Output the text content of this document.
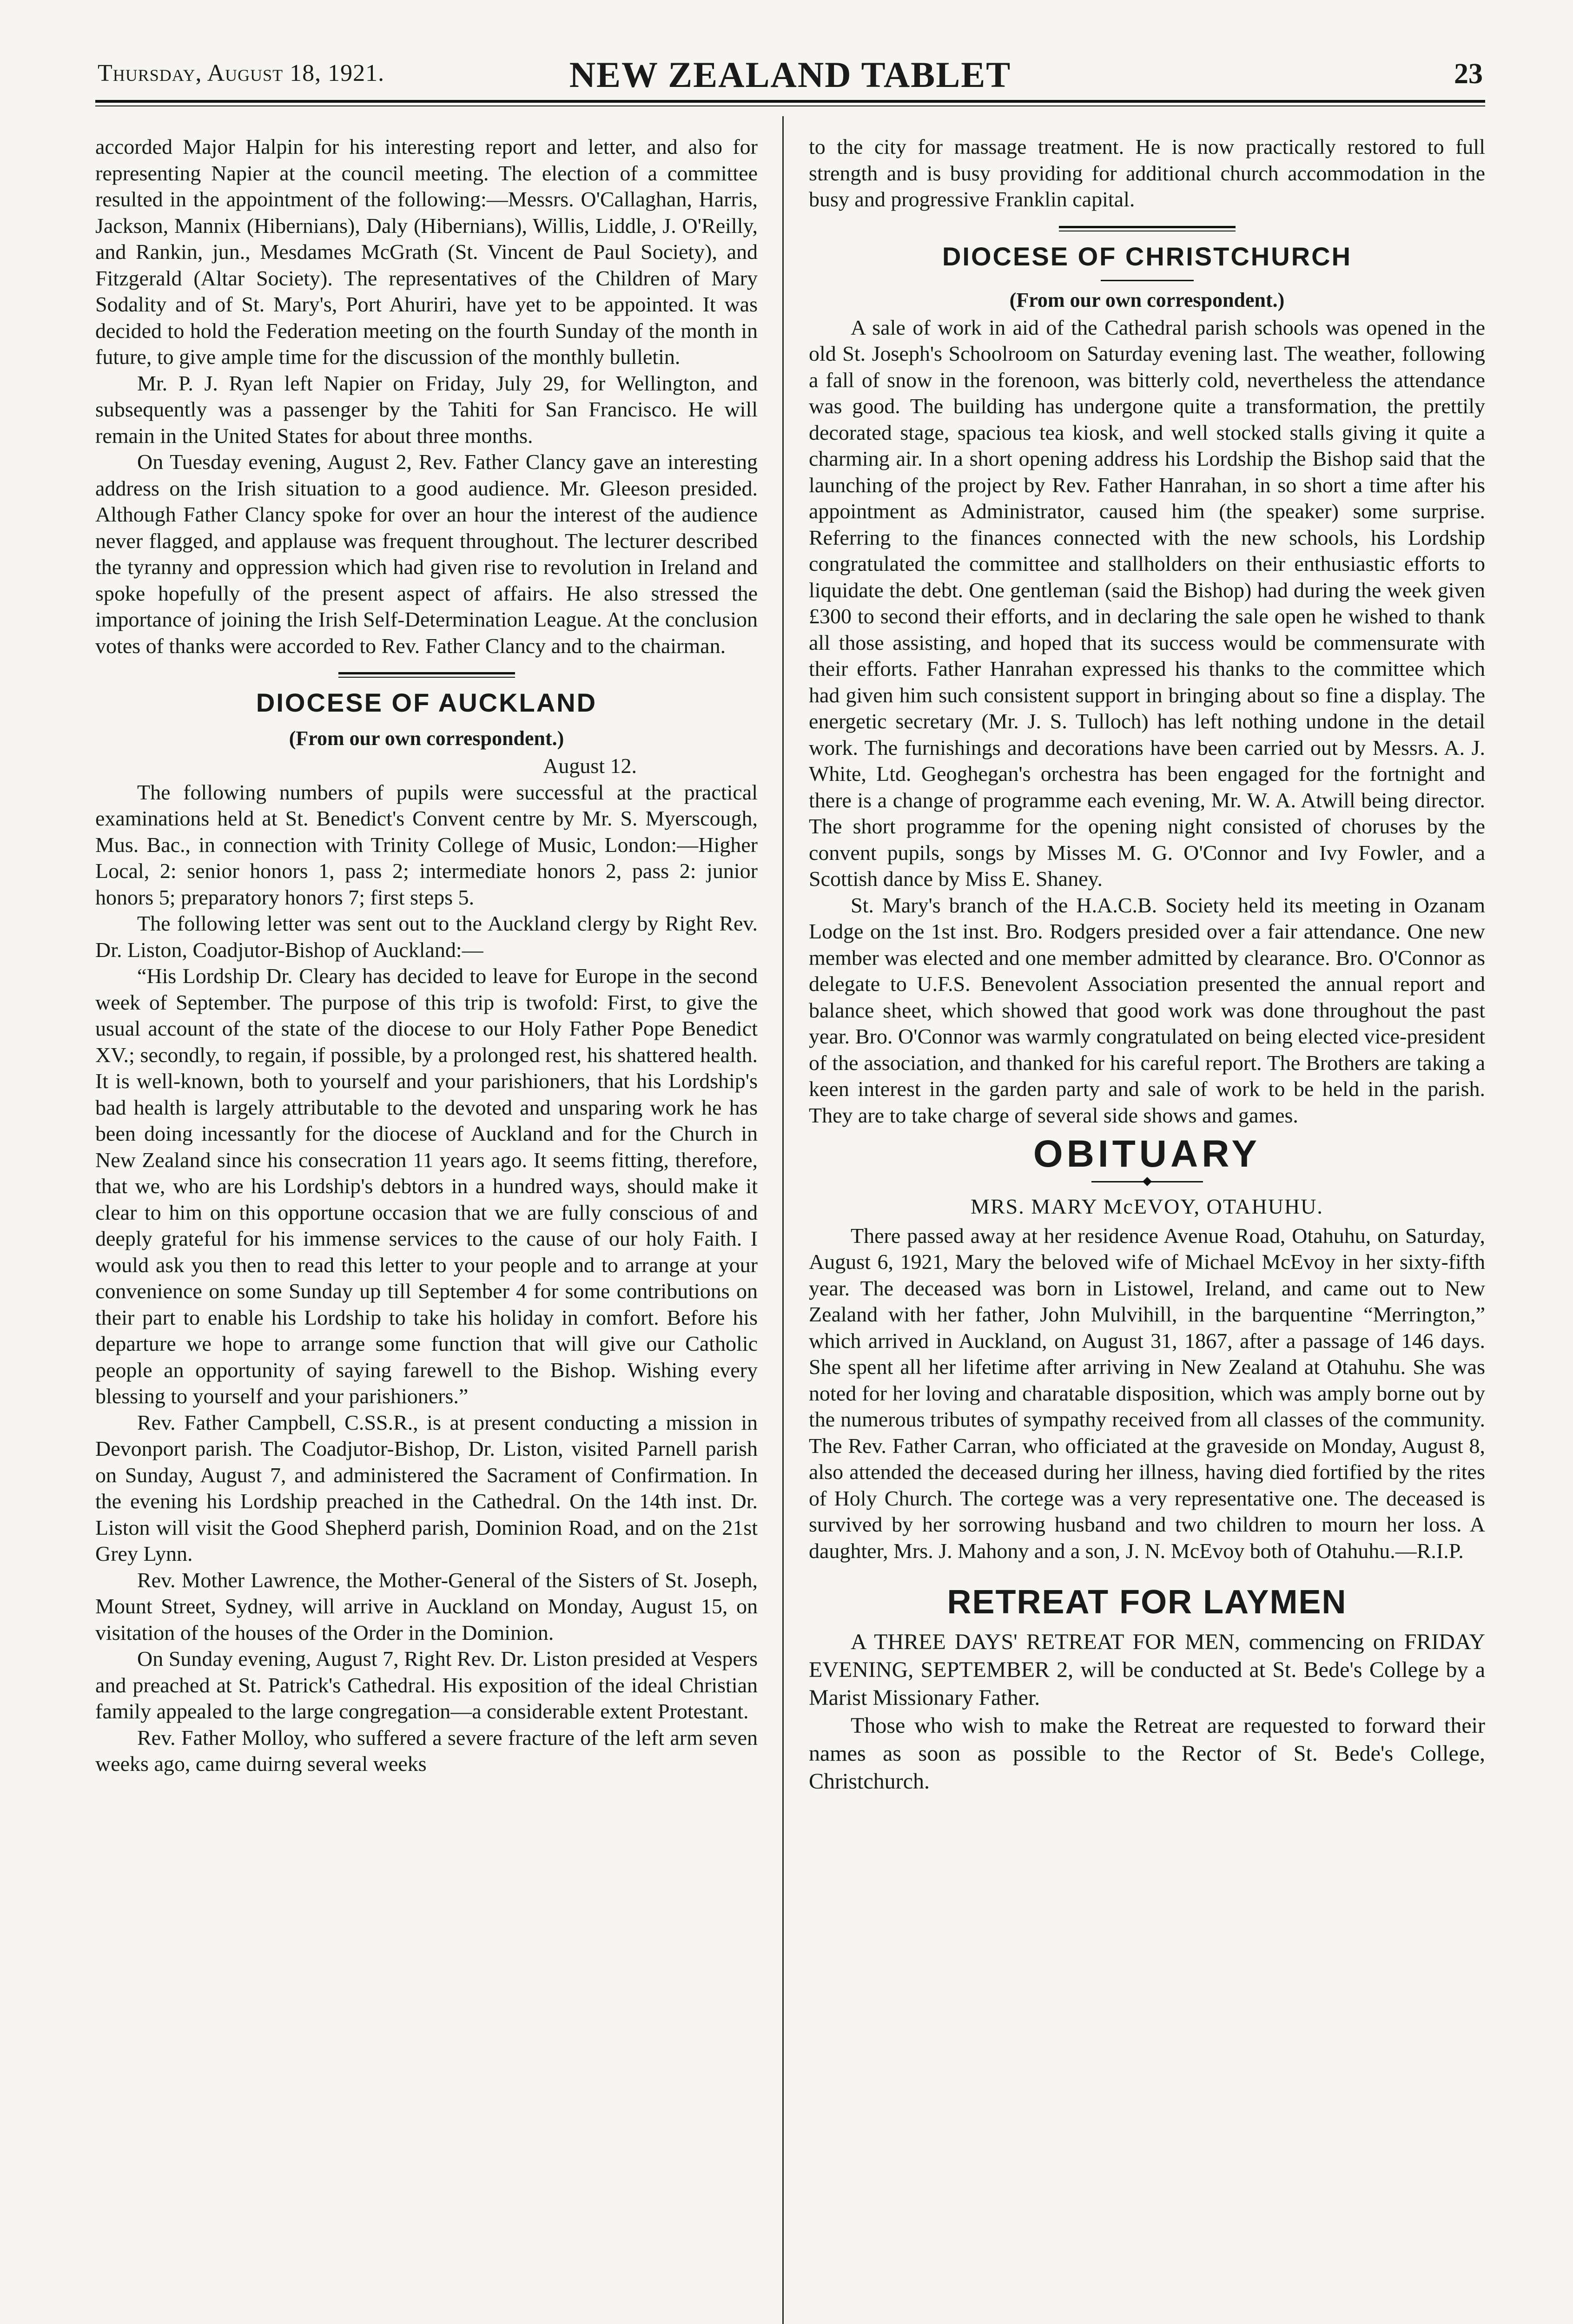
Thursday, August 18, 1921.	NEW ZEALAND TABLET	23

accorded Major Halpin for his interesting report and letter, and also for representing Napier at the council meeting. The election of a committee resulted in the appointment of the following:—Messrs. O'Callaghan, Harris, Jackson, Mannix (Hibernians), Daly (Hibernians), Willis, Liddle, J. O'Reilly, and Rankin, jun., Mesdames McGrath (St. Vincent de Paul Society), and Fitzgerald (Altar Society). The representatives of the Children of Mary Sodality and of St. Mary's, Port Ahuriri, have yet to be appointed. It was decided to hold the Federation meeting on the fourth Sunday of the month in future, to give ample time for the discussion of the monthly bulletin.

Mr. P. J. Ryan left Napier on Friday, July 29, for Wellington, and subsequently was a passenger by the Tahiti for San Francisco. He will remain in the United States for about three months.

On Tuesday evening, August 2, Rev. Father Clancy gave an interesting address on the Irish situation to a good audience. Mr. Gleeson presided. Although Father Clancy spoke for over an hour the interest of the audience never flagged, and applause was frequent throughout. The lecturer described the tyranny and oppression which had given rise to revolution in Ireland and spoke hopefully of the present aspect of affairs. He also stressed the importance of joining the Irish Self-Determination League. At the conclusion votes of thanks were accorded to Rev. Father Clancy and to the chairman.

DIOCESE OF AUCKLAND
(From our own correspondent.)

August 12.

The following numbers of pupils were successful at the practical examinations held at St. Benedict's Convent centre by Mr. S. Myerscough, Mus. Bac., in connection with Trinity College of Music, London:—Higher Local, 2: senior honors 1, pass 2; intermediate honors 2, pass 2: junior honors 5; preparatory honors 7; first steps 5.

The following letter was sent out to the Auckland clergy by Right Rev. Dr. Liston, Coadjutor-Bishop of Auckland:—

“His Lordship Dr. Cleary has decided to leave for Europe in the second week of September. The purpose of this trip is twofold: First, to give the usual account of the state of the diocese to our Holy Father Pope Benedict XV.; secondly, to regain, if possible, by a prolonged rest, his shattered health. It is well-known, both to yourself and your parishioners, that his Lordship's bad health is largely attributable to the devoted and unsparing work he has been doing incessantly for the diocese of Auckland and for the Church in New Zealand since his consecration 11 years ago. It seems fitting, therefore, that we, who are his Lordship's debtors in a hundred ways, should make it clear to him on this opportune occasion that we are fully conscious of and deeply grateful for his immense services to the cause of our holy Faith. I would ask you then to read this letter to your people and to arrange at your convenience on some Sunday up till September 4 for some contributions on their part to enable his Lordship to take his holiday in comfort. Before his departure we hope to arrange some function that will give our Catholic people an opportunity of saying farewell to the Bishop. Wishing every blessing to yourself and your parishioners.”

Rev. Father Campbell, C.SS.R., is at present conducting a mission in Devonport parish. The Coadjutor-Bishop, Dr. Liston, visited Parnell parish on Sunday, August 7, and administered the Sacrament of Confirmation. In the evening his Lordship preached in the Cathedral. On the 14th inst. Dr. Liston will visit the Good Shepherd parish, Dominion Road, and on the 21st Grey Lynn.

Rev. Mother Lawrence, the Mother-General of the Sisters of St. Joseph, Mount Street, Sydney, will arrive in Auckland on Monday, August 15, on visitation of the houses of the Order in the Dominion.

On Sunday evening, August 7, Right Rev. Dr. Liston presided at Vespers and preached at St. Patrick's Cathedral. His exposition of the ideal Christian family appealed to the large congregation—a considerable extent Protestant.

Rev. Father Molloy, who suffered a severe fracture of the left arm seven weeks ago, came duirng several weeks

to the city for massage treatment. He is now practically restored to full strength and is busy providing for additional church accommodation in the busy and progressive Franklin capital.

DIOCESE OF CHRISTCHURCH
(From our own correspondent.)

A sale of work in aid of the Cathedral parish schools was opened in the old St. Joseph's Schoolroom on Saturday evening last. The weather, following a fall of snow in the forenoon, was bitterly cold, nevertheless the attendance was good. The building has undergone quite a transformation, the prettily decorated stage, spacious tea kiosk, and well stocked stalls giving it quite a charming air. In a short opening address his Lordship the Bishop said that the launching of the project by Rev. Father Hanrahan, in so short a time after his appointment as Administrator, caused him (the speaker) some surprise. Referring to the finances connected with the new schools, his Lordship congratulated the committee and stallholders on their enthusiastic efforts to liquidate the debt. One gentleman (said the Bishop) had during the week given £300 to second their efforts, and in declaring the sale open he wished to thank all those assisting, and hoped that its success would be commensurate with their efforts. Father Hanrahan expressed his thanks to the committee which had given him such consistent support in bringing about so fine a display. The energetic secretary (Mr. J. S. Tulloch) has left nothing undone in the detail work. The furnishings and decorations have been carried out by Messrs. A. J. White, Ltd. Geoghegan's orchestra has been engaged for the fortnight and there is a change of programme each evening, Mr. W. A. Atwill being director. The short programme for the opening night consisted of choruses by the convent pupils, songs by Misses M. G. O'Connor and Ivy Fowler, and a Scottish dance by Miss E. Shaney.

St. Mary's branch of the H.A.C.B. Society held its meeting in Ozanam Lodge on the 1st inst. Bro. Rodgers presided over a fair attendance. One new member was elected and one member admitted by clearance. Bro. O'Connor as delegate to U.F.S. Benevolent Association presented the annual report and balance sheet, which showed that good work was done throughout the past year. Bro. O'Connor was warmly congratulated on being elected vice-president of the association, and thanked for his careful report. The Brothers are taking a keen interest in the garden party and sale of work to be held in the parish. They are to take charge of several side shows and games.

OBITUARY
MRS. MARY McEVOY, OTAHUHU.

There passed away at her residence Avenue Road, Otahuhu, on Saturday, August 6, 1921, Mary the beloved wife of Michael McEvoy in her sixty-fifth year. The deceased was born in Listowel, Ireland, and came out to New Zealand with her father, John Mulvihill, in the barquentine “Merrington,” which arrived in Auckland, on August 31, 1867, after a passage of 146 days. She spent all her lifetime after arriving in New Zealand at Otahuhu. She was noted for her loving and charatable disposition, which was amply borne out by the numerous tributes of sympathy received from all classes of the community. The Rev. Father Carran, who officiated at the graveside on Monday, August 8, also attended the deceased during her illness, having died fortified by the rites of Holy Church. The cortege was a very representative one. The deceased is survived by her sorrowing husband and two children to mourn her loss. A daughter, Mrs. J. Mahony and a son, J. N. McEvoy both of Otahuhu.—R.I.P.

RETREAT FOR LAYMEN

A THREE DAYS' RETREAT FOR MEN, commencing on FRIDAY EVENING, SEPTEMBER 2, will be conducted at St. Bede's College by a Marist Missionary Father.

Those who wish to make the Retreat are requested to forward their names as soon as possible to the Rector of St. Bede's College, Christchurch.
